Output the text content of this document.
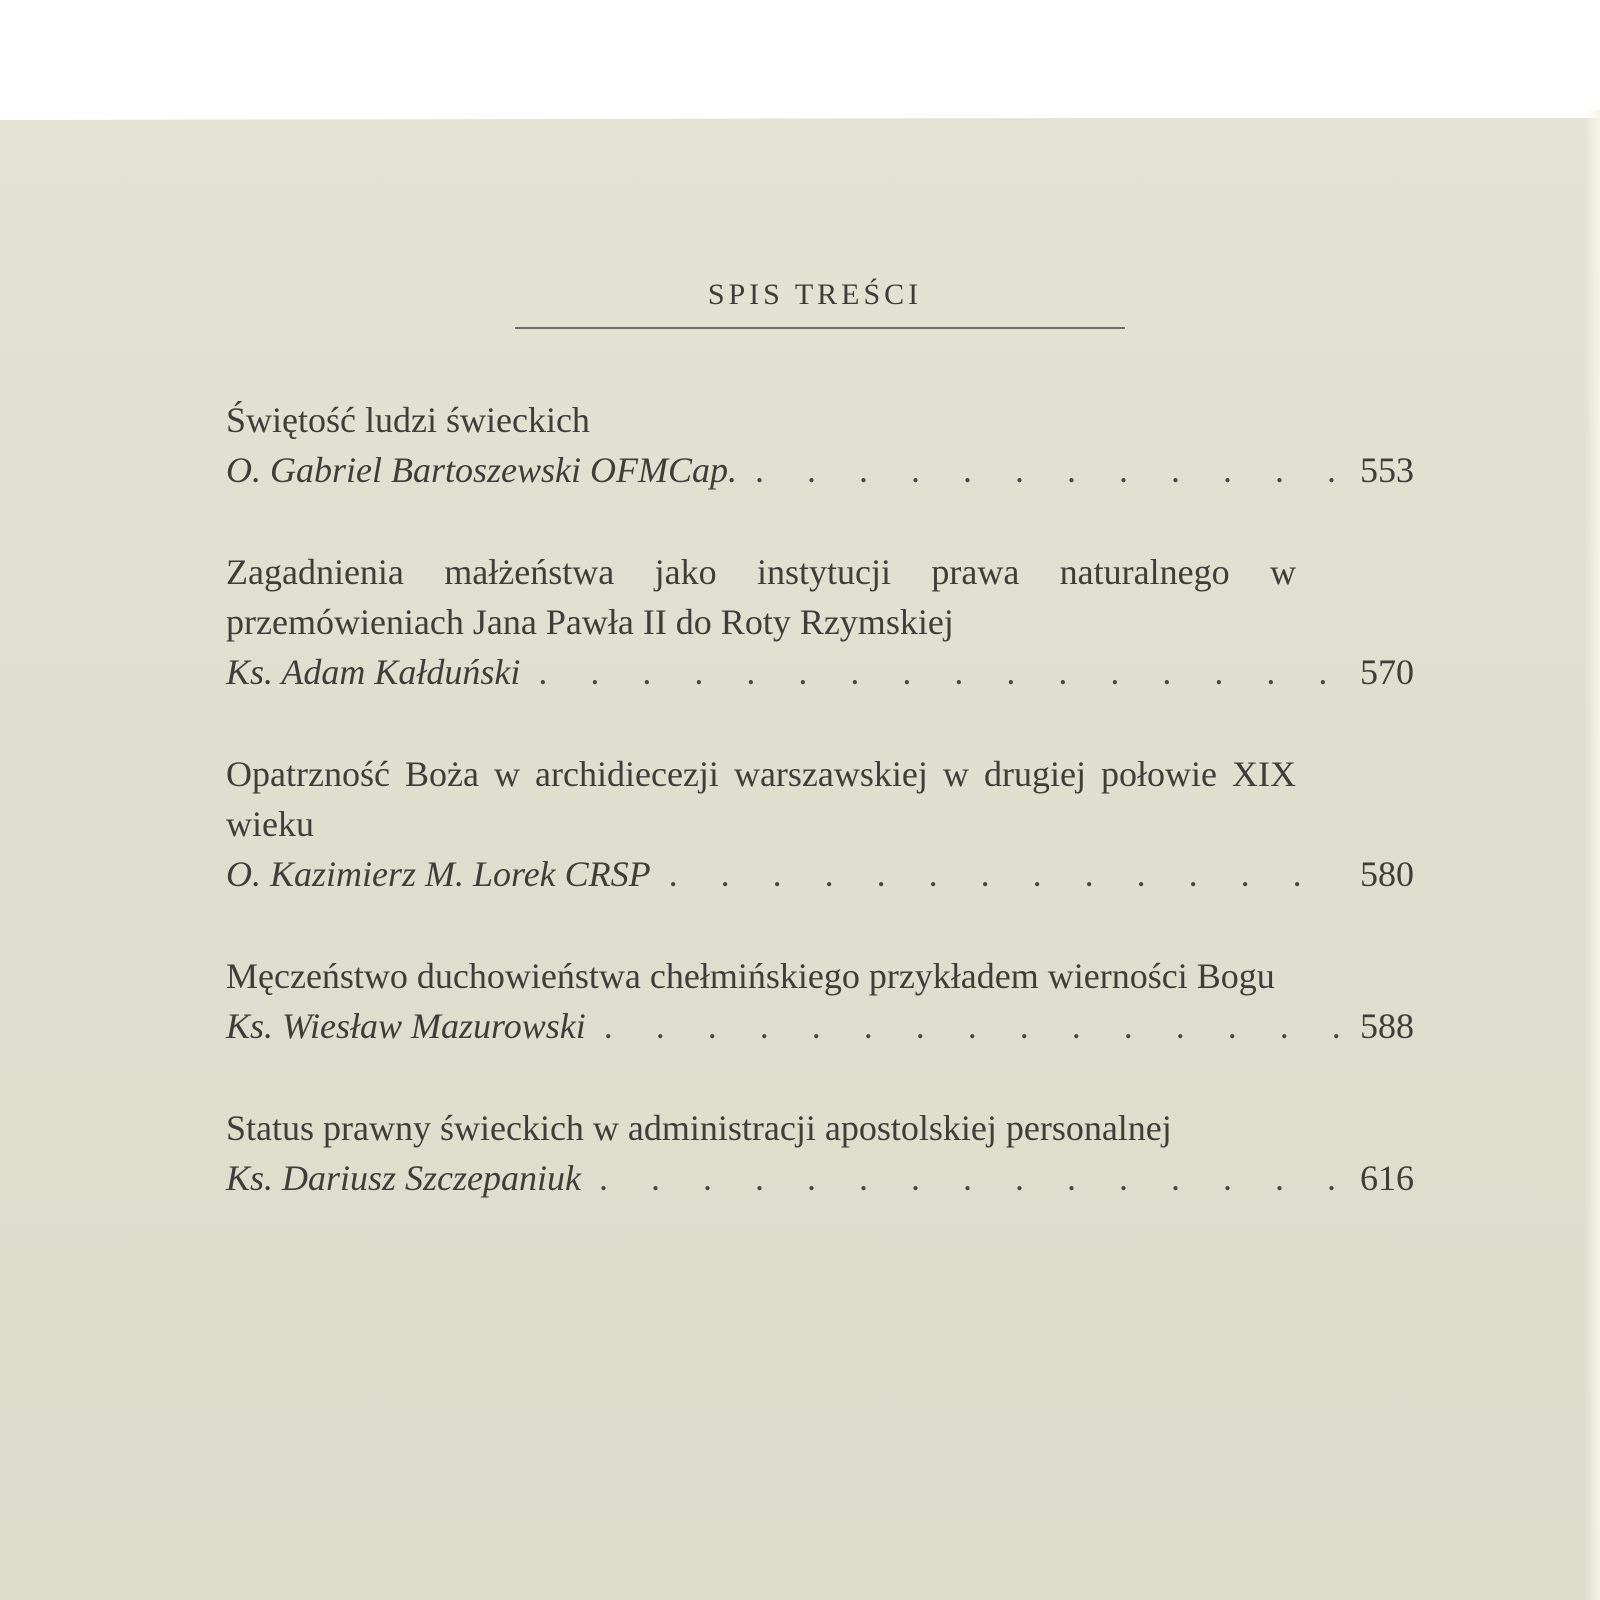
SPIS TREŚCI
Świętość ludzi świeckich
O. Gabriel Bartoszewski OFMCap. . . .	553
Zagadnienia małżeństwa jako instytucji prawa naturalnego w przemówieniach Jana Pawła II do Roty Rzymskiej
Ks. Adam Kałduński . . .	570
Opatrzność Boża w archidiecezji warszawskiej w drugiej połowie XIX wieku
O. Kazimierz M. Lorek CRSP . . .	580
Męczeństwo duchowieństwa chełmińskiego przykładem wierności Bogu
Ks. Wiesław Mazurowski . . .	588
Status prawny świeckich w administracji apostolskiej personalnej
Ks. Dariusz Szczepaniuk . . .	616
